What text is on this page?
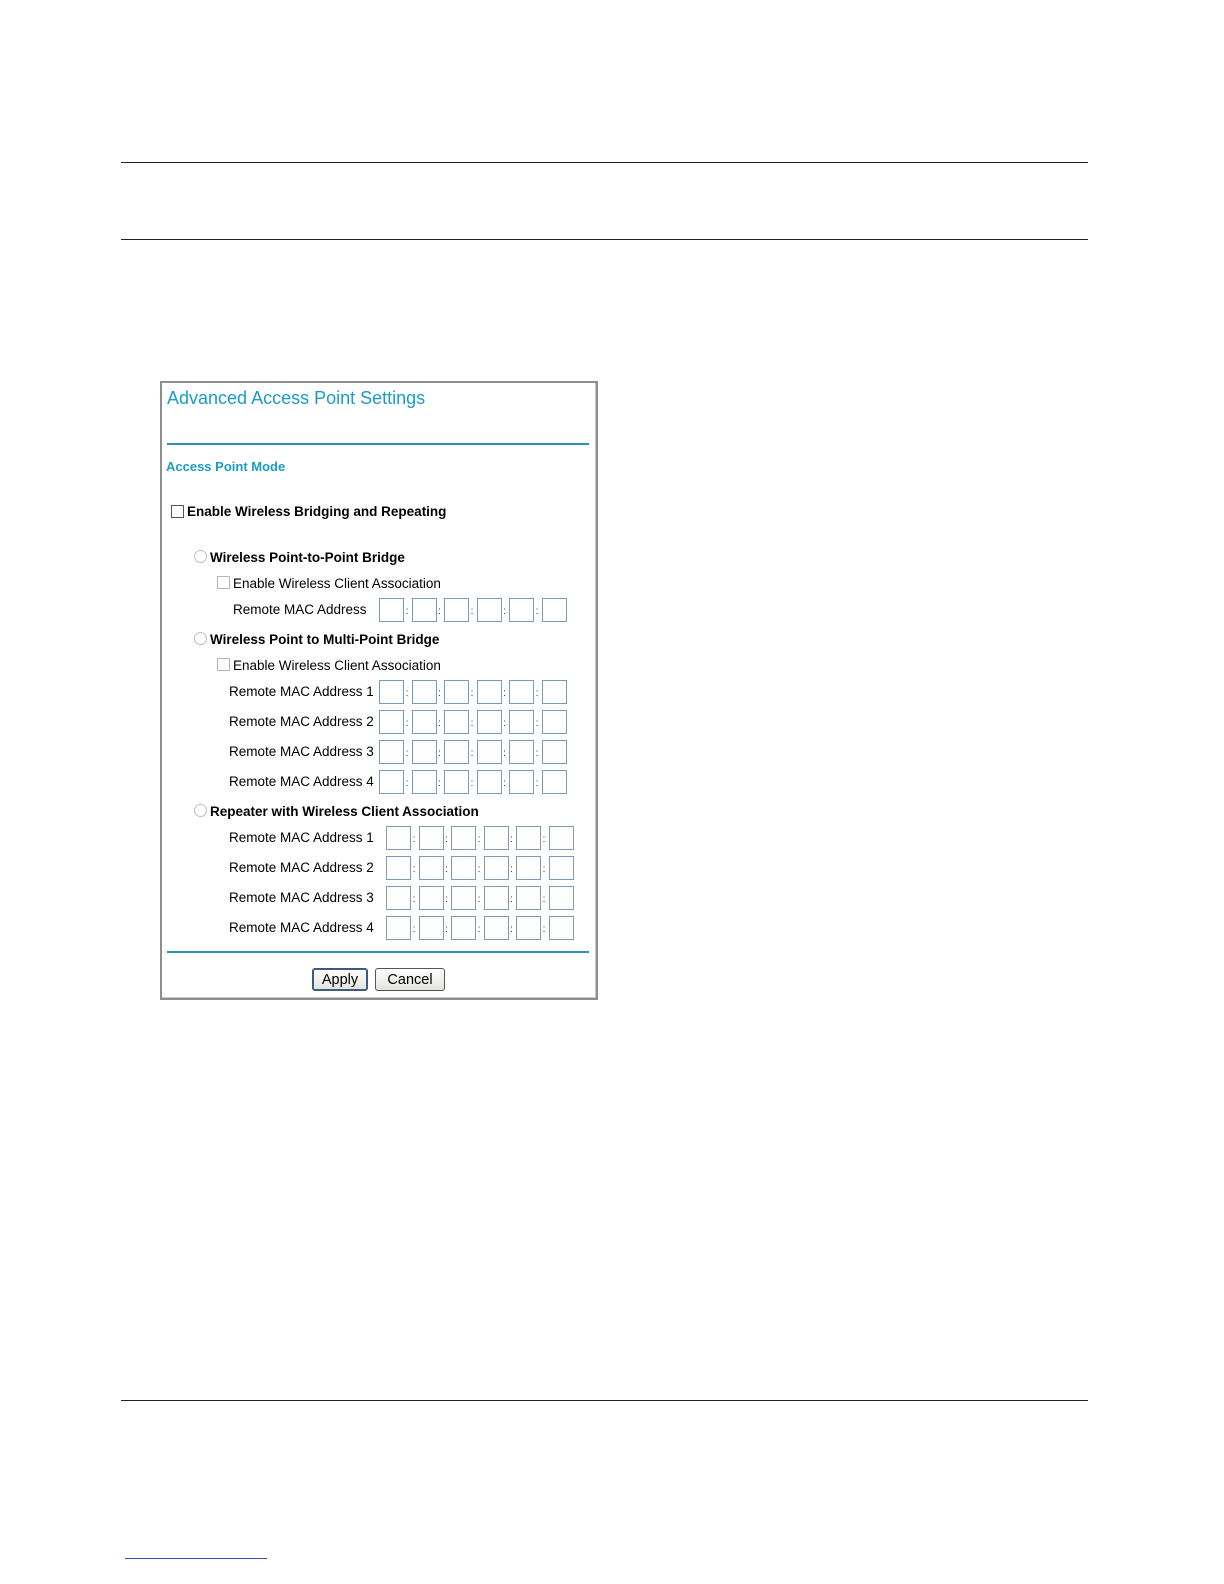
Advanced Access Point Settings
Access Point Mode
Enable Wireless Bridging and Repeating
Wireless Point-to-Point Bridge
Enable Wireless Client Association
Remote MAC Address	:	:	:	:	:
Wireless Point to Multi-Point Bridge
Enable Wireless Client Association
Remote MAC Address 1	:	:	:	:	:
Remote MAC Address 2	:	:	:	:	:
Remote MAC Address 3	:	:	:	:	:
Remote MAC Address 4	:	:	:	:	:
Repeater with Wireless Client Association
Remote MAC Address 1	:	:	:	:	:
Remote MAC Address 2	:	:	:	:	:
Remote MAC Address 3	:	:	:	:	:
Remote MAC Address 4	:	:	:	:	:
Apply	Cancel
